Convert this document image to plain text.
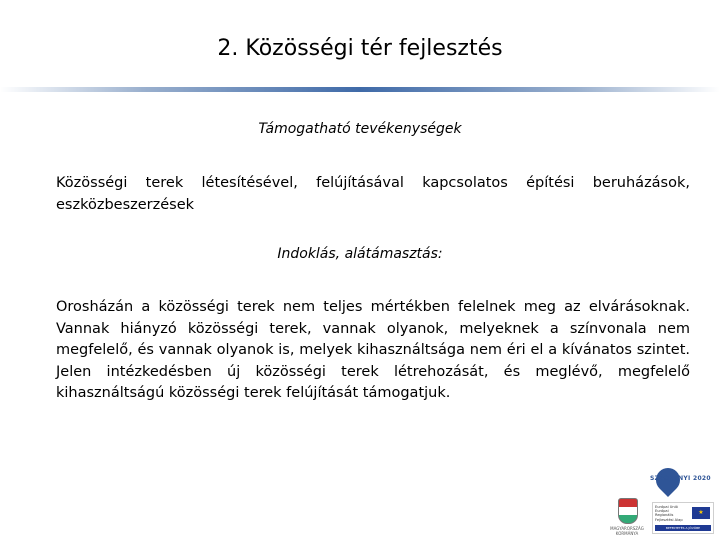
2. Közösségi tér fejlesztés
Támogatható tevékenységek
Közösségi terek létesítésével, felújításával kapcsolatos építési beruházások, eszközbeszerzések
Indoklás, alátámasztás:
Orosházán a közösségi terek nem teljes mértékben felelnek meg az elvárásoknak. Vannak hiányzó közösségi terek, vannak olyanok, melyeknek a színvonala nem megfelelő, és vannak olyanok is, melyek kihasználtsága nem éri el a kívánatos szintet. Jelen intézkedésben új közösségi terek létrehozását, és meglévő, megfelelő kihasználtságú közösségi terek felújítását támogatjuk.
SZÉCHENYI 2020
MAGYARORSZÁG KORMÁNYA
Európai Unió Európai Regionális Fejlesztési Alap
★
BEFEKTETÉS A JÖVŐBE
